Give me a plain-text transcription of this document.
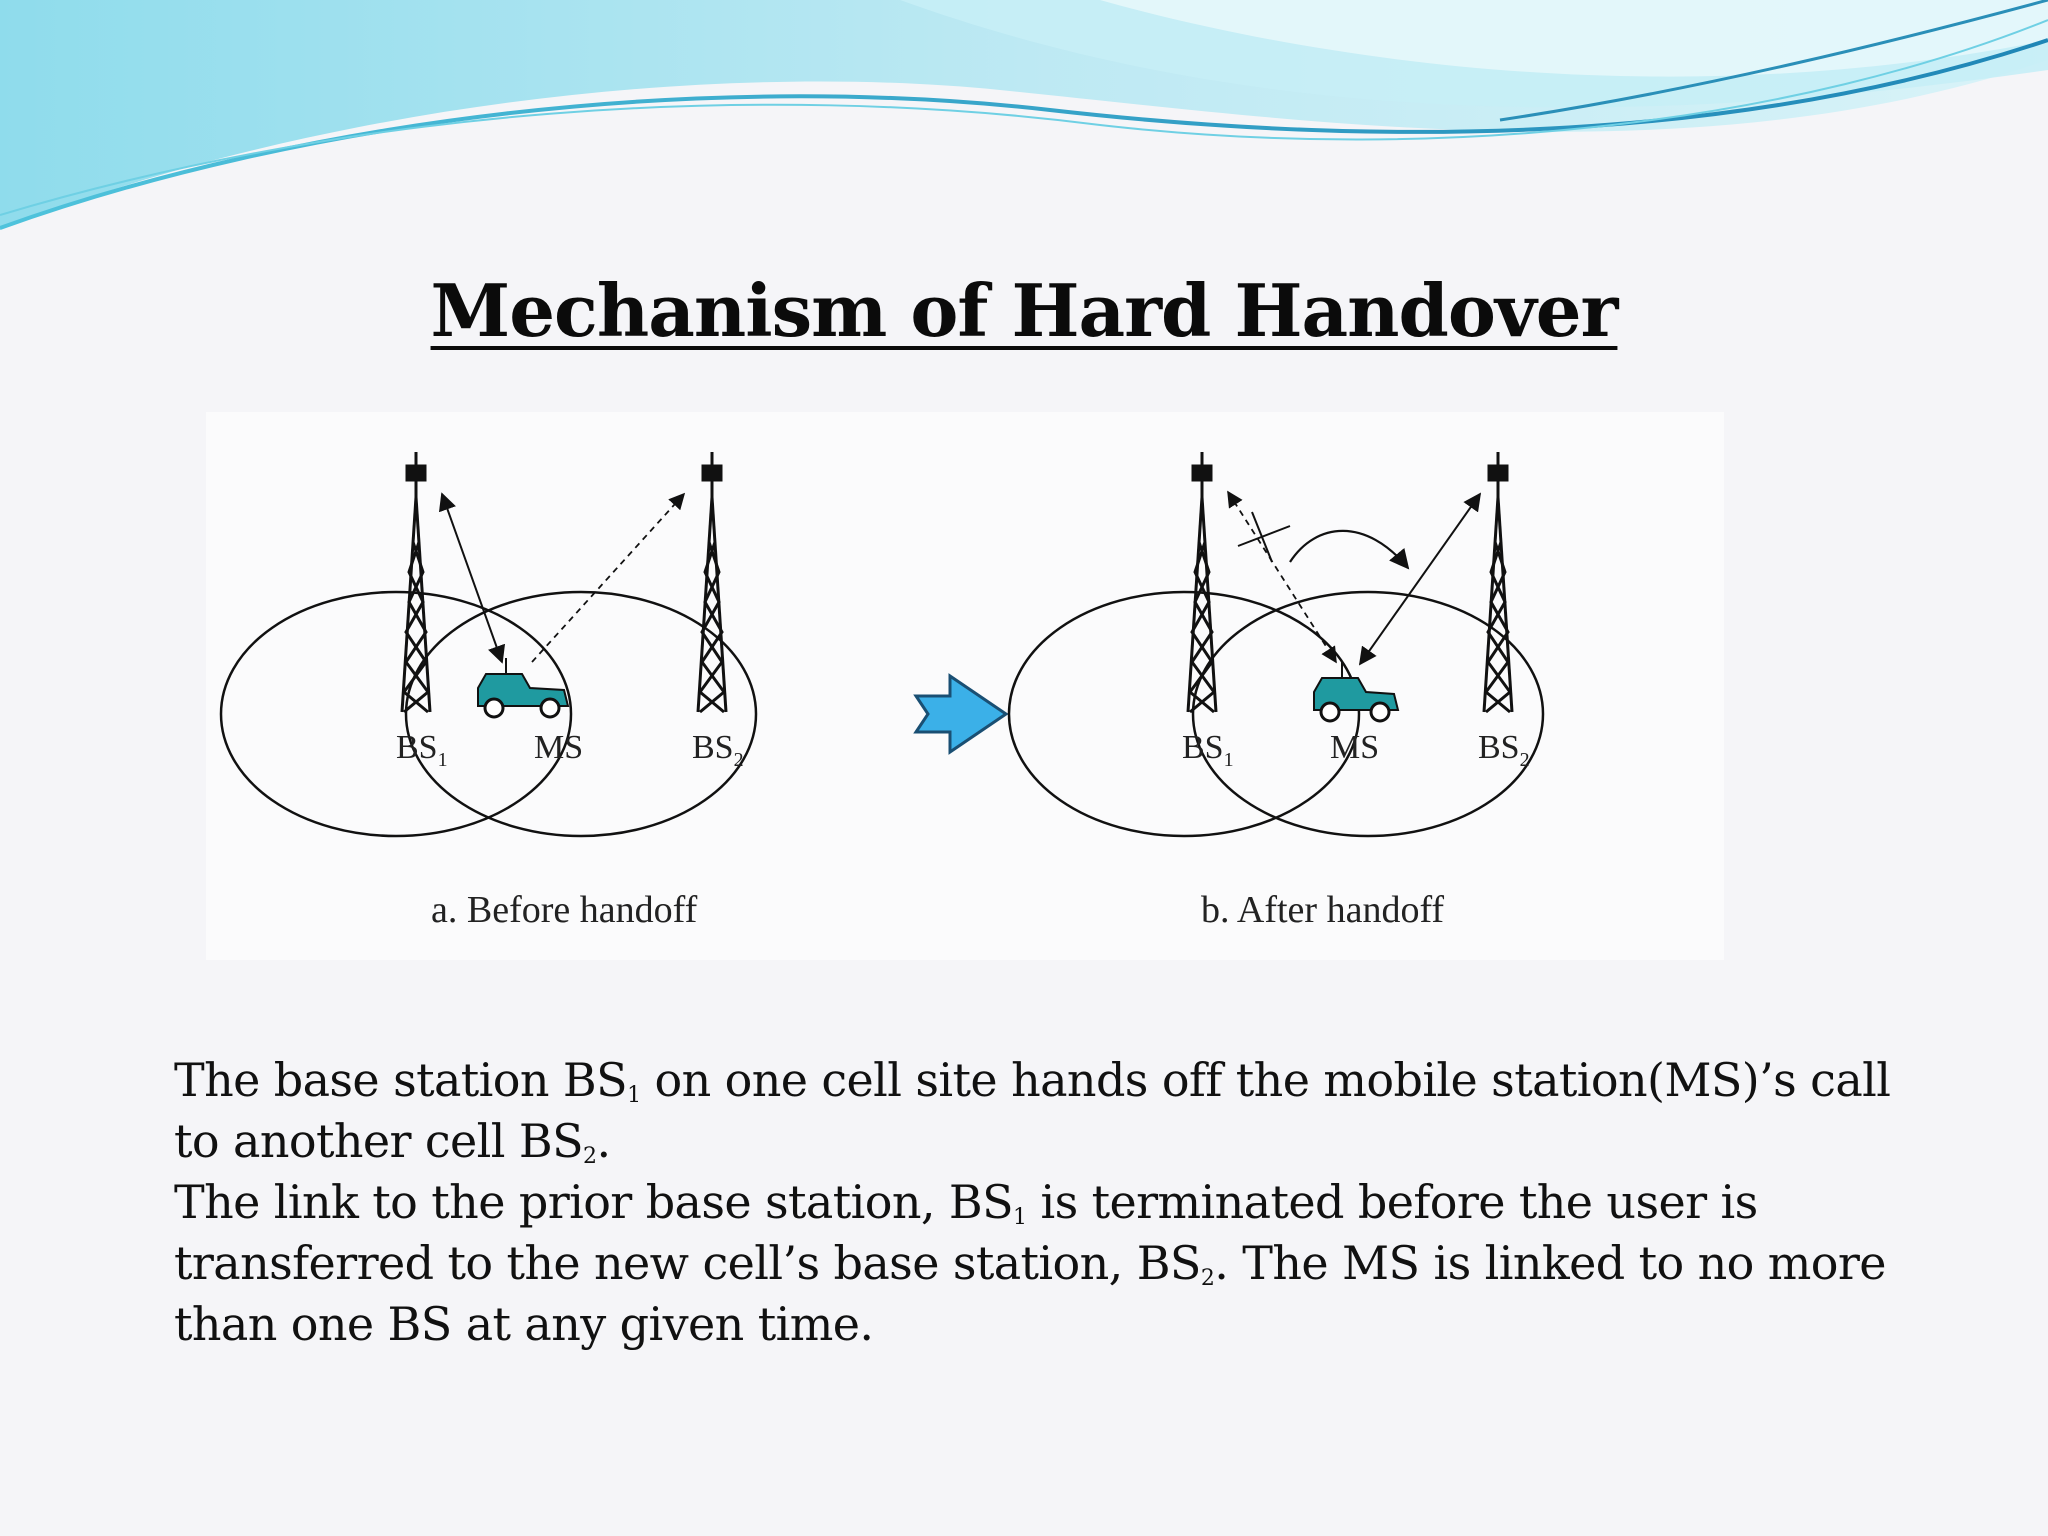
Mechanism of Hard Handover
$BS_1$	MS	$BS_2$
a. Before handoff
$BS_1$	MS	$BS_2$
b. After handoff

The base station $BS_1$ on one cell site hands off the mobile station(MS)’s call to another cell $BS_2$.

The link to the prior base station, $BS_1$ is terminated before the user is transferred to the new cell’s base station, $BS_2$. The MS is linked to no more than one BS at any given time.
